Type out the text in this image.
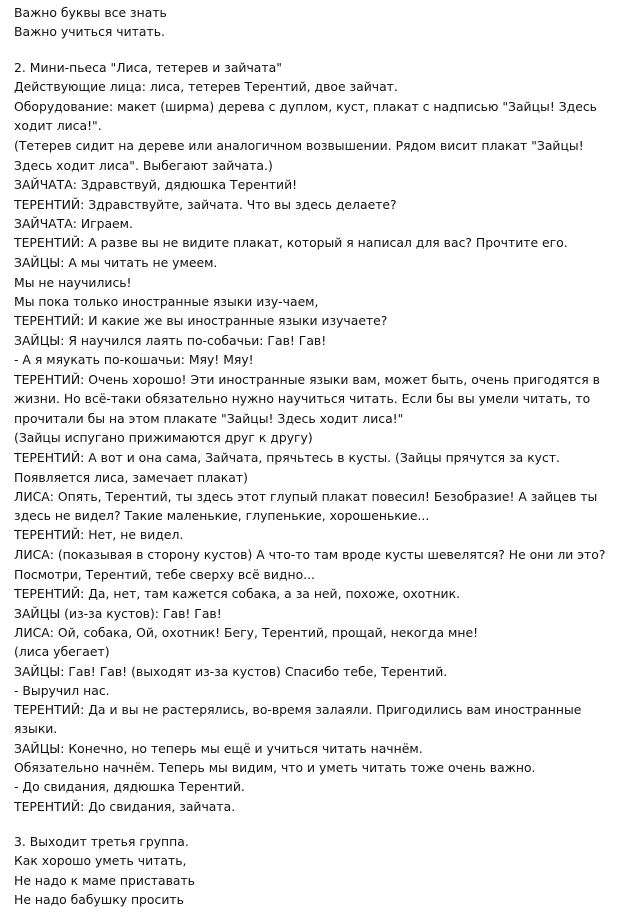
Важно буквы все знать
Важно учиться читать.
2. Мини-пьеса "Лиса, тетерев и зайчата"
Действующие лица: лиса, тетерев Терентий, двое зайчат.
Оборудование: макет (ширма) дерева с дуплом, куст, плакат с надписью "Зайцы! Здесь
ходит лиса!".
(Тетерев сидит на дереве или аналогичном возвышении. Рядом висит плакат "Зайцы!
Здесь ходит лиса". Выбегают зайчата.)
ЗАЙЧАТА: Здравствуй, дядюшка Терентий!
ТЕРЕНТИЙ: Здравствуйте, зайчата. Что вы здесь делаете?
ЗАЙЧАТА: Играем.
ТЕРЕНТИЙ: А разве вы не видите плакат, который я написал для вас? Прочтите его.
ЗАЙЦЫ: А мы читать не умеем.
Мы не научились!
Мы пока только иностранные языки изу-чаем,
ТЕРЕНТИЙ: И какие же вы иностранные языки изучаете?
ЗАЙЦЫ: Я научился лаять по-собачьи: Гав! Гав!
- А я мяукать по-кошачьи: Мяу! Мяу!
ТЕРЕНТИЙ: Очень хорошо! Эти иностранные языки вам, может быть, очень пригодятся в
жизни. Но всё-таки обязательно нужно научиться читать. Если бы вы умели читать, то
прочитали бы на этом плакате "Зайцы! Здесь ходит лиса!"
(Зайцы испугано прижимаются друг к другу)
ТЕРЕНТИЙ: А вот и она сама, Зайчата, прячьтесь в кусты. (Зайцы прячутся за куст.
Появляется лиса, замечает плакат)
ЛИСА: Опять, Терентий, ты здесь этот глупый плакат повесил! Безобразие! А зайцев ты
здесь не видел? Такие маленькие, глупенькие, хорошенькие...
ТЕРЕНТИЙ: Нет, не видел.
ЛИСА: (показывая в сторону кустов) А что-то там вроде кусты шевелятся? Не они ли это?
Посмотри, Терентий, тебе сверху всё видно...
ТЕРЕНТИЙ: Да, нет, там кажется собака, а за ней, похоже, охотник.
ЗАЙЦЫ (из-за кустов): Гав! Гав!
ЛИСА: Ой, собака, Ой, охотник! Бегу, Терентий, прощай, некогда мне!
(лиса убегает)
ЗАЙЦЫ: Гав! Гав! (выходят из-за кустов) Спасибо тебе, Терентий.
- Выручил нас.
ТЕРЕНТИЙ: Да и вы не растерялись, во-время залаяли. Пригодились вам иностранные
языки.
ЗАЙЦЫ: Конечно, но теперь мы ещё и учиться читать начнём.
Обязательно начнём. Теперь мы видим, что и уметь читать тоже очень важно.
- До свидания, дядюшка Терентий.
ТЕРЕНТИЙ: До свидания, зайчата.
3. Выходит третья группа.
Как хорошо уметь читать,
Не надо к маме приставать
Не надо бабушку просить
